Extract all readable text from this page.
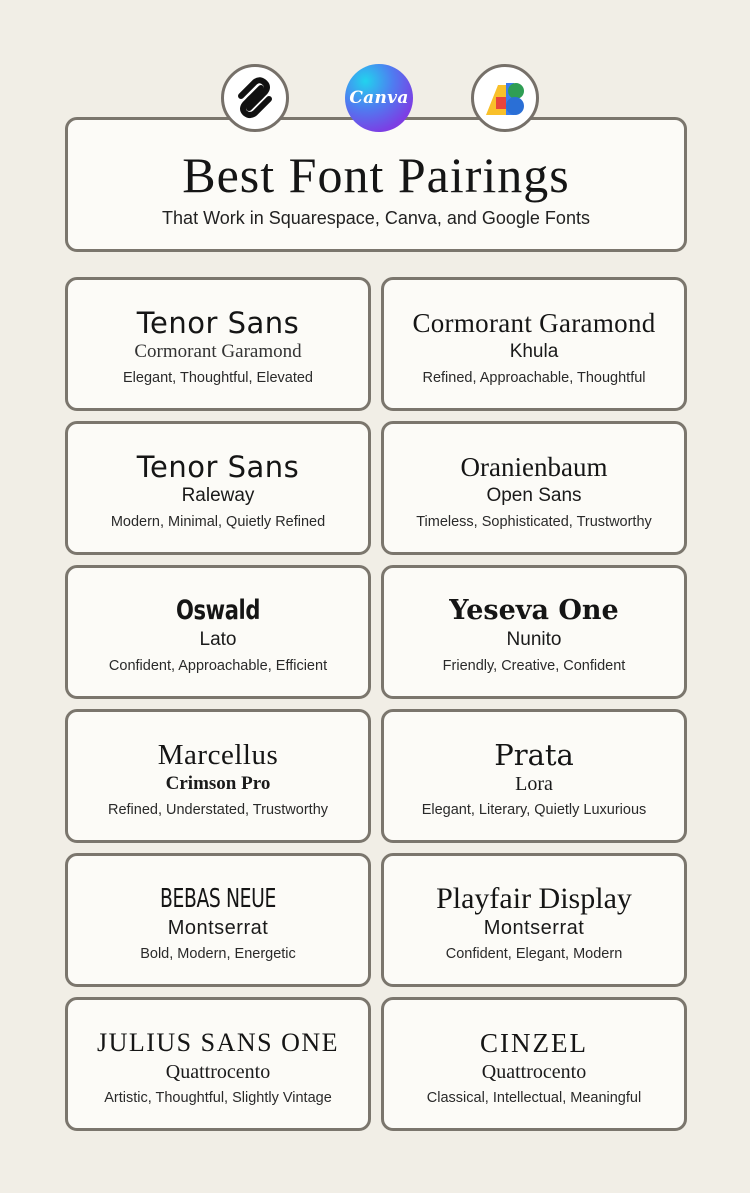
Canva
Best Font Pairings
That Work in Squarespace, Canva, and Google Fonts
Tenor Sans
Cormorant Garamond
Elegant, Thoughtful, Elevated
Cormorant Garamond
Khula
Refined, Approachable, Thoughtful
Tenor Sans
Raleway
Modern, Minimal, Quietly Refined
Oranienbaum
Open Sans
Timeless, Sophisticated, Trustworthy
Oswald
Lato
Confident, Approachable, Efficient
Yeseva One
Nunito
Friendly, Creative, Confident
Marcellus
Crimson Pro
Refined, Understated, Trustworthy
Prata
Lora
Elegant, Literary, Quietly Luxurious
BEBAS NEUE
Montserrat
Bold, Modern, Energetic
Playfair Display
Montserrat
Confident, Elegant, Modern
JULIUS SANS ONE
Quattrocento
Artistic, Thoughtful, Slightly Vintage
CINZEL
Quattrocento
Classical, Intellectual, Meaningful
